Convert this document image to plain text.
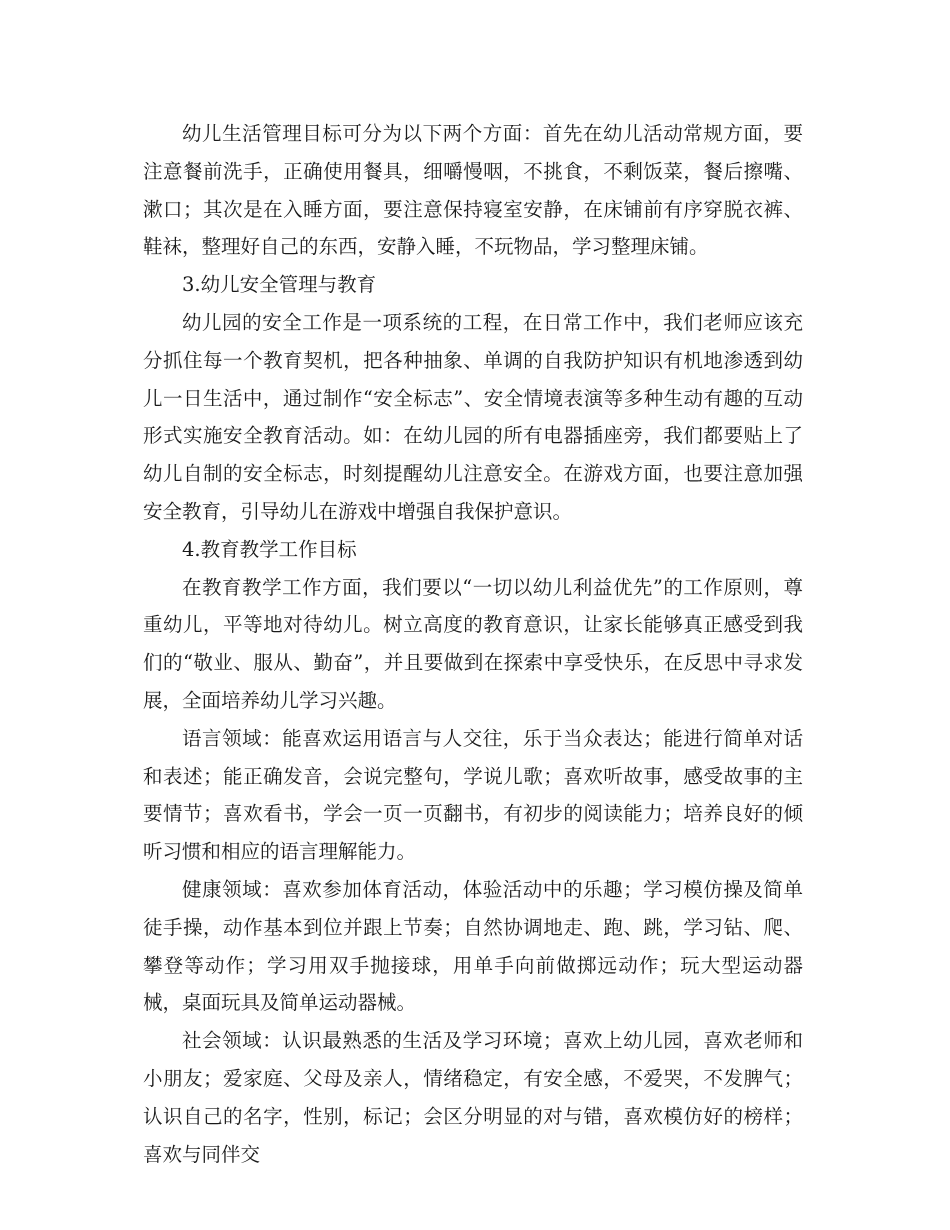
幼儿生活管理目标可分为以下两个方面：首先在幼儿活动常规方面，要注意餐前洗手，正确使用餐具，细嚼慢咽，不挑食，不剩饭菜，餐后擦嘴、漱口；其次是在入睡方面，要注意保持寝室安静，在床铺前有序穿脱衣裤、鞋袜，整理好自己的东西，安静入睡，不玩物品，学习整理床铺。

3.幼儿安全管理与教育

幼儿园的安全工作是一项系统的工程，在日常工作中，我们老师应该充分抓住每一个教育契机，把各种抽象、单调的自我防护知识有机地渗透到幼儿一日生活中，通过制作“安全标志”、安全情境表演等多种生动有趣的互动形式实施安全教育活动。如：在幼儿园的所有电器插座旁，我们都要贴上了幼儿自制的安全标志，时刻提醒幼儿注意安全。在游戏方面，也要注意加强安全教育，引导幼儿在游戏中增强自我保护意识。

4.教育教学工作目标

在教育教学工作方面，我们要以“一切以幼儿利益优先”的工作原则，尊重幼儿，平等地对待幼儿。树立高度的教育意识，让家长能够真正感受到我们的“敬业、服从、勤奋”，并且要做到在探索中享受快乐，在反思中寻求发展，全面培养幼儿学习兴趣。

语言领域：能喜欢运用语言与人交往，乐于当众表达；能进行简单对话和表述；能正确发音，会说完整句，学说儿歌；喜欢听故事，感受故事的主要情节；喜欢看书，学会一页一页翻书，有初步的阅读能力；培养良好的倾听习惯和相应的语言理解能力。

健康领域：喜欢参加体育活动，体验活动中的乐趣；学习模仿操及简单徒手操，动作基本到位并跟上节奏；自然协调地走、跑、跳，学习钻、爬、攀登等动作；学习用双手抛接球，用单手向前做掷远动作；玩大型运动器械，桌面玩具及简单运动器械。

社会领域：认识最熟悉的生活及学习环境；喜欢上幼儿园，喜欢老师和小朋友；爱家庭、父母及亲人，情绪稳定，有安全感，不爱哭，不发脾气；认识自己的名字，性别，标记；会区分明显的对与错，喜欢模仿好的榜样；喜欢与同伴交
